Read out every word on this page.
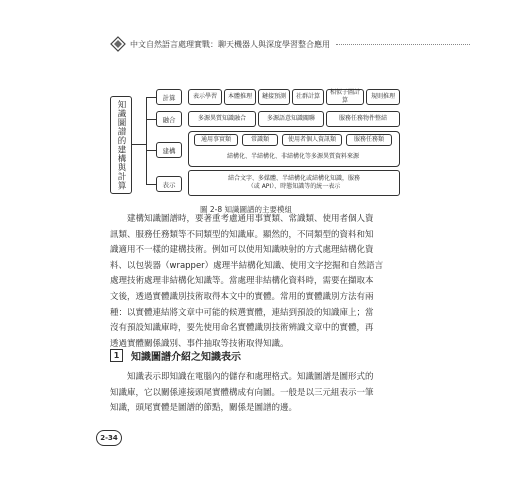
中文自然語言處理實戰：聊天機器人與深度學習整合應用
知識圖譜的建構與計算
計算	表示學習	本體推理	鏈接預測	社群計算
相似子圖計算
規則推理
融合	多源異質知識融合	多源語意知識關聯	服務任務物件整結
建構
通用事實類	常識類	使用者個人資訊類	服務任務類
結構化、半結構化、非結構化等多源異質資料來源
表示
結合文字、多媒體、半結構化或結構化知識，服務
（或 API）、時態知識等的統一表示
圖 2-8 知識圖譜的主要模組
建構知識圖譜時，要著重考慮通用事實類、常識類、使用者個人資
訊類、服務任務類等不同類型的知識庫。顯然的，不同類型的資料和知
識適用不一樣的建構技術。例如可以使用知識映射的方式處理結構化資
料、以包裝器（wrapper）處理半結構化知識、使用文字挖掘和自然語言
處理技術處理非結構化知識等。當處理非結構化資料時，需要在擷取本
文後，透過實體識別技術取得本文中的實體。常用的實體識別方法有兩
種：以實體連結將文章中可能的候選實體，連結到預設的知識庫上；當
沒有預設知識庫時，要先使用命名實體識別技術辨識文章中的實體，再
透過實體關係識別、事件抽取等技術取得知識。
1	知識圖譜介紹之知識表示
知識表示即知識在電腦內的儲存和處理格式。知識圖譜是圖形式的
知識庫，它以關係連接頭尾實體構成有向圖。一般是以三元組表示一筆
知識，頭尾實體是圖譜的節點，關係是圖譜的邊。
2-34
